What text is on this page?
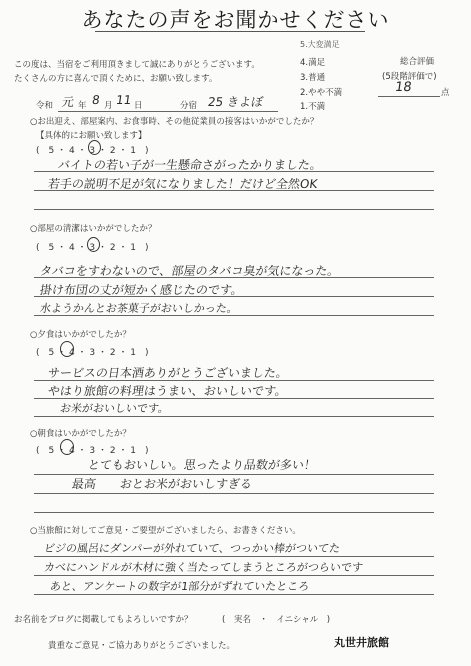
あなたの声をお聞かせください
この度は、当宿をご利用頂きまして誠にありがとうございます。
たくさんの方に喜んで頂くために、お願い致します。
5.大変満足
4.満足
3.普通
2.やや不満
1.不満
総合評価
(5段階評価で)
18	点
令和 元 年 8 月 11 日	分宿 25 きよぼ
○お出迎え、部屋案内、お食事時、その他従業員の接客はいかがでしたか？
【具体的にお願い致します】
(　5 ・ 4 ・ 3 ・ 2 ・ 1　)
バイトの若い子が一生懸命さがったかりました。
若手の説明不足が気になりました！だけど全然OK
○部屋の清潔はいかがでしたか？
(　5 ・ 4 ・ 3 ・ 2 ・ 1　)
タバコをすわないので、部屋のタバコ臭が気になった。
掛け布団の丈が短かく感じたのです。
水ようかんとお茶菓子がおいしかった。
○夕食はいかがでしたか？
(　5 ・ 4 ・ 3 ・ 2 ・ 1　)
サービスの日本酒ありがとうございました。
やはり旅館の料理はうまい、おいしいです。
お米がおいしいです。
○朝食はいかがでしたか？
(　5 ・ 4 ・ 3 ・ 2 ・ 1　)
とてもおいしい。思ったより品数が多い！
最高　　おとお米がおいしすぎる
○当旅館に対してご意見・ご要望がございましたら、お書きください。
ビジの風呂にダンパーが外れていて、つっかい棒がついてた
カベにハンドルが木材に強く当たってしまうところがつらいです
あと、アンケートの数字が1部分がずれていたところ
お名前をブログに掲載してもよろしいですか？	(　実名　・　イニシャル　)
貴重なご意見・ご協力ありがとうございました。	丸世井旅館
